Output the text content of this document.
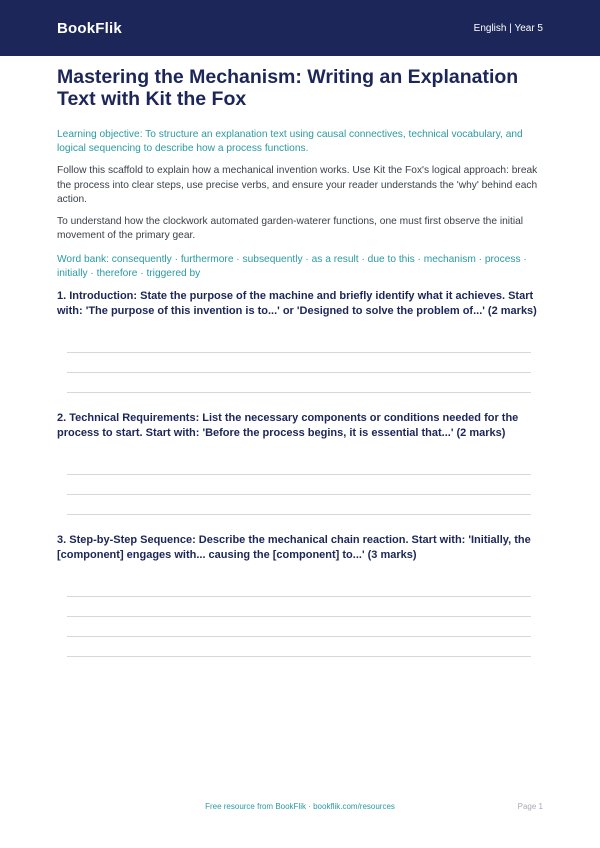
BookFlik	English | Year 5
Mastering the Mechanism: Writing an Explanation Text with Kit the Fox
Learning objective: To structure an explanation text using causal connectives, technical vocabulary, and logical sequencing to describe how a process functions.
Follow this scaffold to explain how a mechanical invention works. Use Kit the Fox's logical approach: break the process into clear steps, use precise verbs, and ensure your reader understands the 'why' behind each action.
To understand how the clockwork automated garden-waterer functions, one must first observe the initial movement of the primary gear.
Word bank: consequently · furthermore · subsequently · as a result · due to this · mechanism · process · initially · therefore · triggered by
1. Introduction: State the purpose of the machine and briefly identify what it achieves. Start with: 'The purpose of this invention is to...' or 'Designed to solve the problem of...' (2 marks)
2. Technical Requirements: List the necessary components or conditions needed for the process to start. Start with: 'Before the process begins, it is essential that...' (2 marks)
3. Step-by-Step Sequence: Describe the mechanical chain reaction. Start with: 'Initially, the [component] engages with... causing the [component] to...' (3 marks)
Free resource from BookFlik · bookflik.com/resources	Page 1
